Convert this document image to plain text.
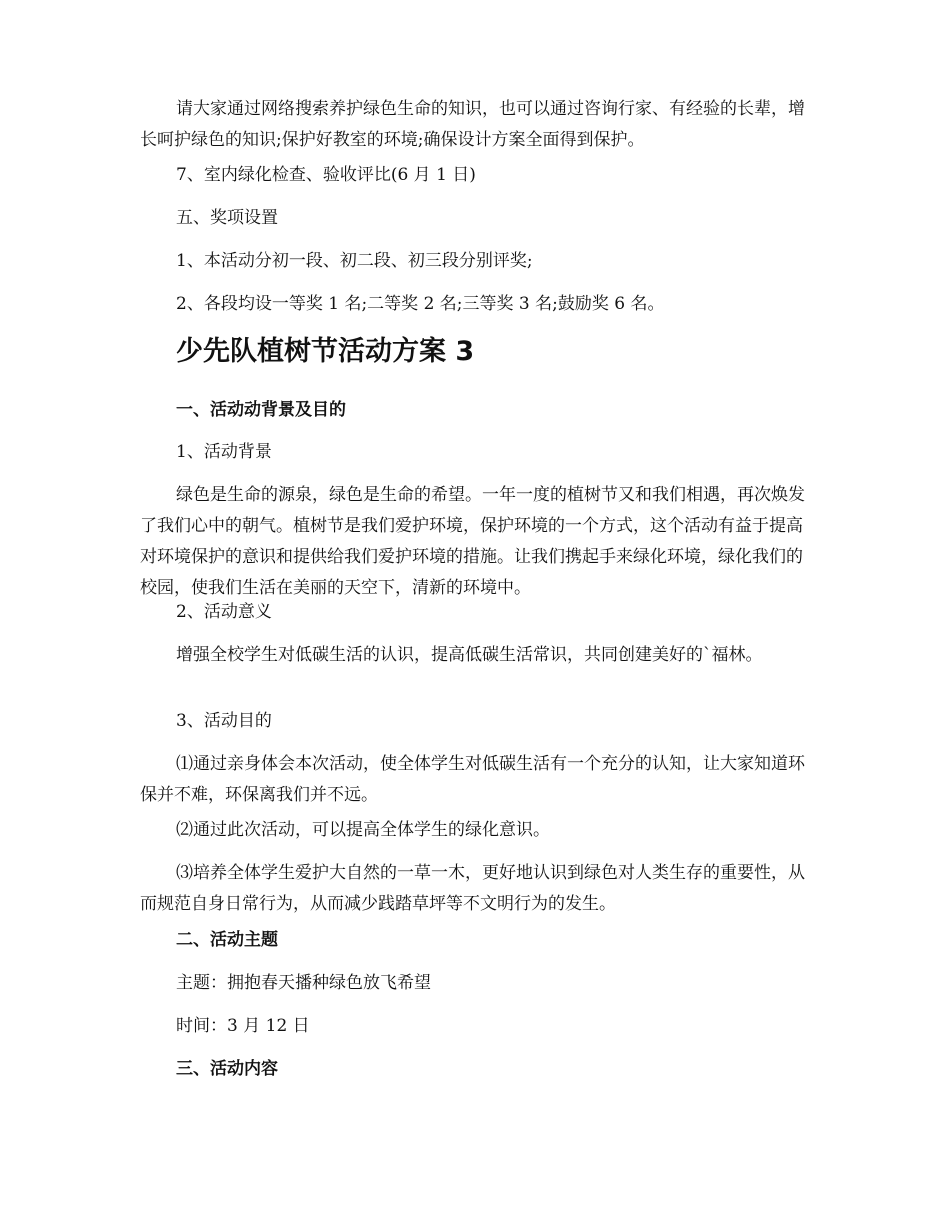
请大家通过网络搜索养护绿色生命的知识，也可以通过咨询行家、有经验的长辈，增长呵护绿色的知识;保护好教室的环境;确保设计方案全面得到保护。

7、室内绿化检查、验收评比(6 月 1 日)

五、奖项设置

1、本活动分初一段、初二段、初三段分别评奖;

2、各段均设一等奖 1 名;二等奖 2 名;三等奖 3 名;鼓励奖 6 名。

少先队植树节活动方案 3
一、活动动背景及目的

1、活动背景

绿色是生命的源泉，绿色是生命的希望。一年一度的植树节又和我们相遇，再次焕发了我们心中的朝气。植树节是我们爱护环境，保护环境的一个方式，这个活动有益于提高对环境保护的意识和提供给我们爱护环境的措施。让我们携起手来绿化环境，绿化我们的校园，使我们生活在美丽的天空下，清新的环境中。

2、活动意义

增强全校学生对低碳生活的认识，提高低碳生活常识，共同创建美好的`福林。

3、活动目的

⑴通过亲身体会本次活动，使全体学生对低碳生活有一个充分的认知，让大家知道环保并不难，环保离我们并不远。

⑵通过此次活动，可以提高全体学生的绿化意识。

⑶培养全体学生爱护大自然的一草一木，更好地认识到绿色对人类生存的重要性，从而规范自身日常行为，从而减少践踏草坪等不文明行为的发生。

二、活动主题

主题：拥抱春天播种绿色放飞希望

时间：3 月 12 日

三、活动内容
